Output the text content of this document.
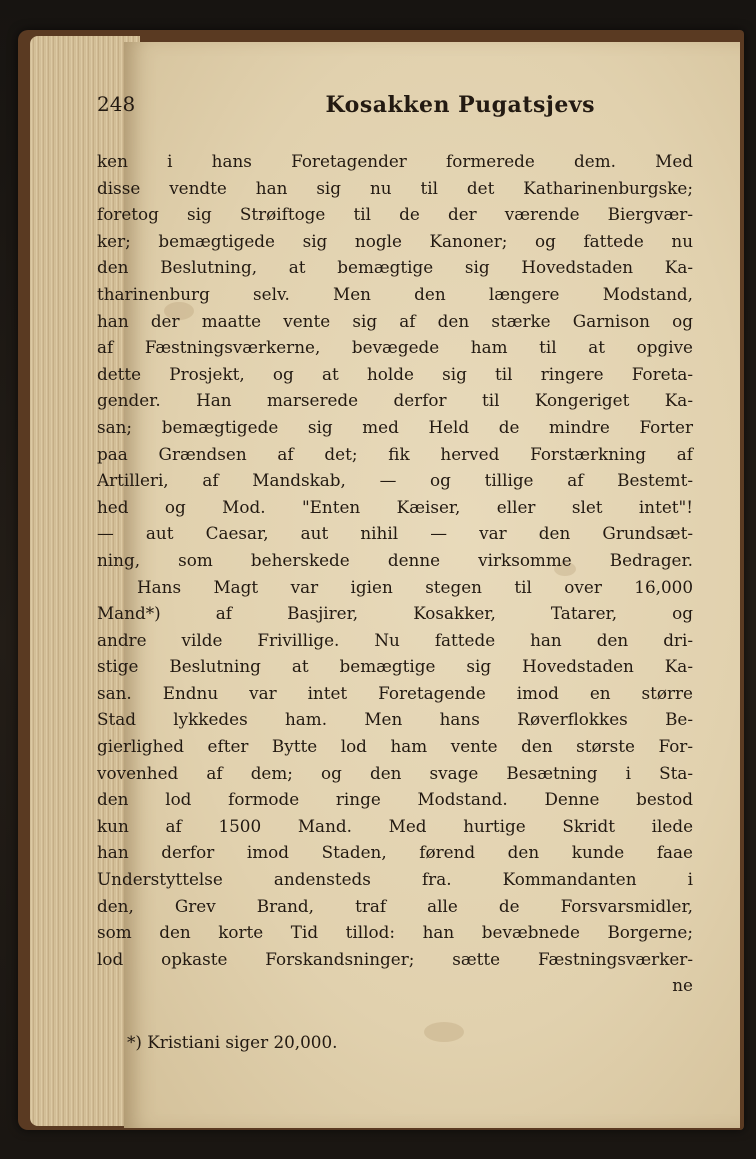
248	Kosakken Pugatsjevs
ken i hans Foretagender formerede dem. Med
disse vendte han sig nu til det Katharinenburgske;
foretog sig Strøiftoge til de der værende Biergvær-
ker; bemægtigede sig nogle Kanoner; og fattede nu
den Beslutning, at bemægtige sig Hovedstaden Ka-
tharinenburg selv. Men den længere Modstand,
han der maatte vente sig af den stærke Garnison og
af Fæstningsværkerne, bevægede ham til at opgive
dette Prosjekt, og at holde sig til ringere Foreta-
gender. Han marserede derfor til Kongeriget Ka-
san; bemægtigede sig med Held de mindre Forter
paa Grændsen af det; fik herved Forstærkning af
Artilleri, af Mandskab, — og tillige af Bestemt-
hed og Mod. "Enten Kæiser, eller slet intet"!
— aut Caesar, aut nihil — var den Grundsæt-
ning, som beherskede denne virksomme Bedrager.
Hans Magt var igien stegen til over 16,000
Mand*) af Basjirer, Kosakker, Tatarer, og
andre vilde Frivillige. Nu fattede han den dri-
stige Beslutning at bemægtige sig Hovedstaden Ka-
san. Endnu var intet Foretagende imod en større
Stad lykkedes ham. Men hans Røverflokkes Be-
gierlighed efter Bytte lod ham vente den største For-
vovenhed af dem; og den svage Besætning i Sta-
den lod formode ringe Modstand. Denne bestod
kun af 1500 Mand. Med hurtige Skridt ilede
han derfor imod Staden, førend den kunde faae
Understyttelse andensteds fra. Kommandanten i
den, Grev Brand, traf alle de Forsvarsmidler,
som den korte Tid tillod: han bevæbnede Borgerne;
lod opkaste Forskandsninger; sætte Fæstningsværker-
ne
*) Kristiani siger 20,000.
